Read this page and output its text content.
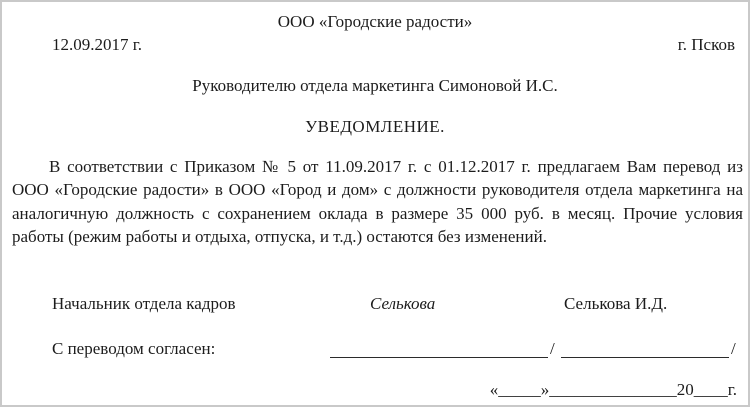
ООО «Городские радости»
12.09.2017 г.	г. Псков
Руководителю отдела маркетинга Симоновой И.С.
УВЕДОМЛЕНИЕ.

В соответствии с Приказом № 5 от 11.09.2017 г. с 01.12.2017 г. предлагаем Вам перевод из ООО «Городские радости» в ООО «Город и дом» с должности руководителя отдела маркетинга на аналогичную должность с сохранением оклада в размере 35 000 руб. в месяц. Прочие условия работы (режим работы и отдыха, отпуска, и т.д.) остаются без изменений.

Начальник отдела кадров	Селькова	Селькова И.Д.
С переводом согласен:	/	/
«_____»_______________20____г.
